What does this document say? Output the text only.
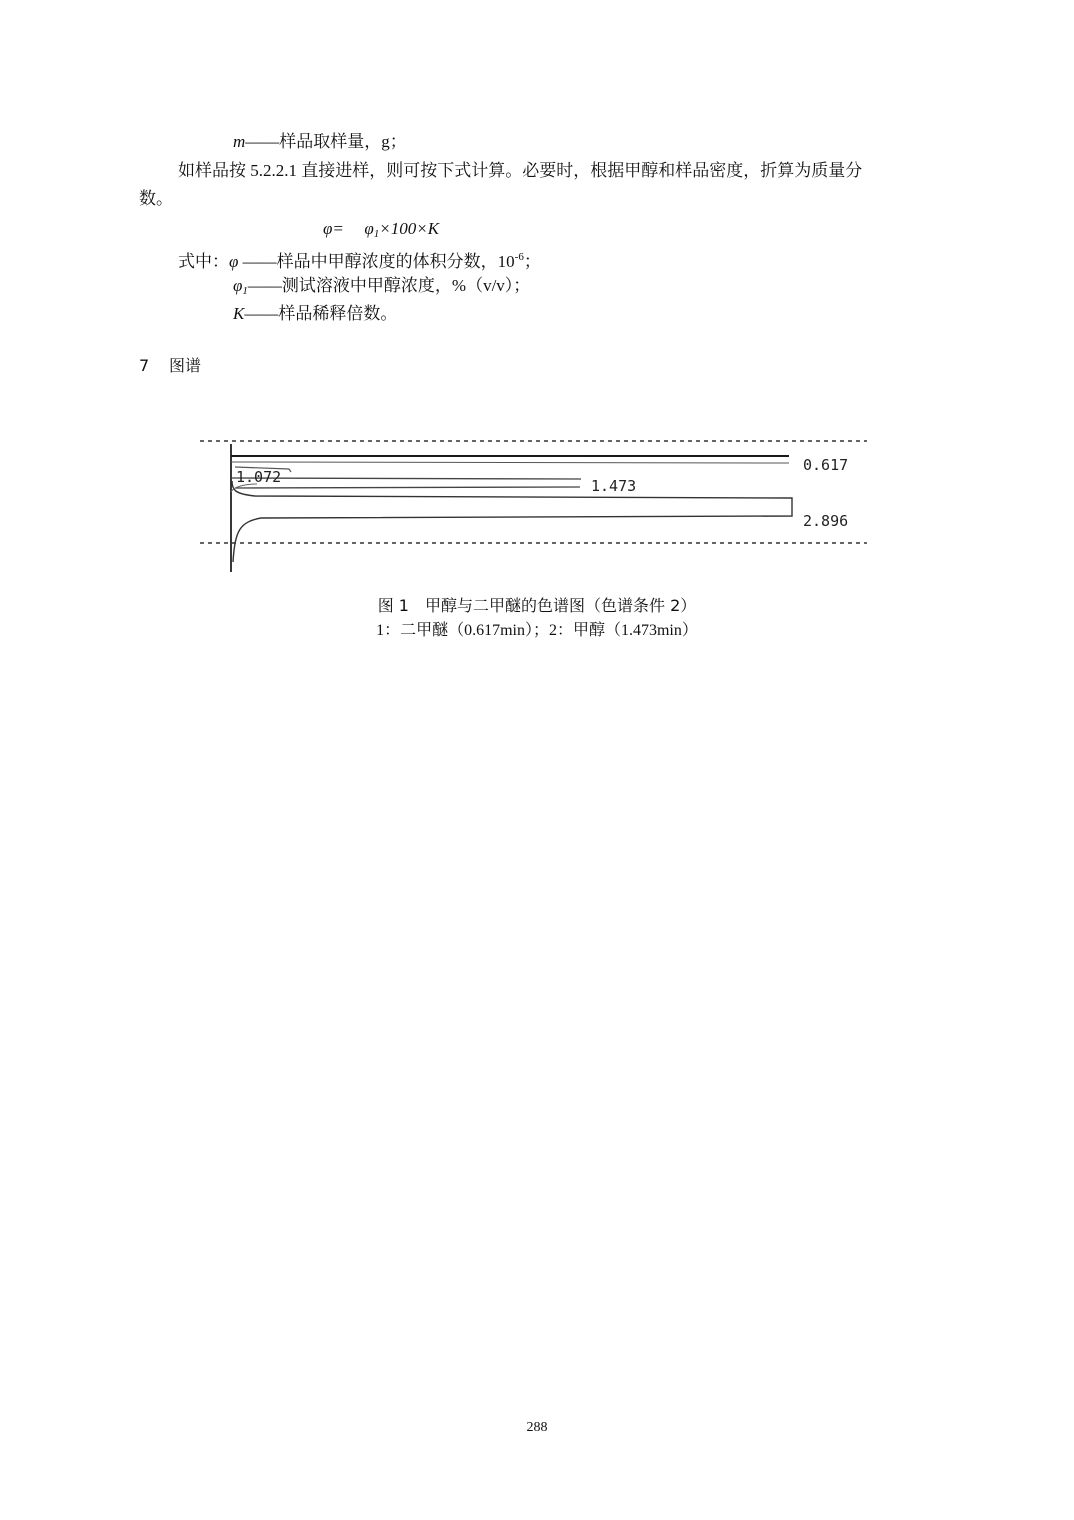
m——样品取样量，g；
如样品按 5.2.2.1 直接进样，则可按下式计算。必要时，根据甲醇和样品密度，折算为质量分
数。
$\varphi= \varphi_1\times 100\times K$
式中：φ ——样品中甲醇浓度的体积分数，$10^{-6}$；
$\varphi_1——$测试溶液中甲醇浓度，%（v/v）；
K——样品稀释倍数。
7 图谱
0.617
1.072	1.473
2.896
图 1　甲醇与二甲醚的色谱图（色谱条件 2）
1：二甲醚（0.617min）；2：甲醇（1.473min）
288
